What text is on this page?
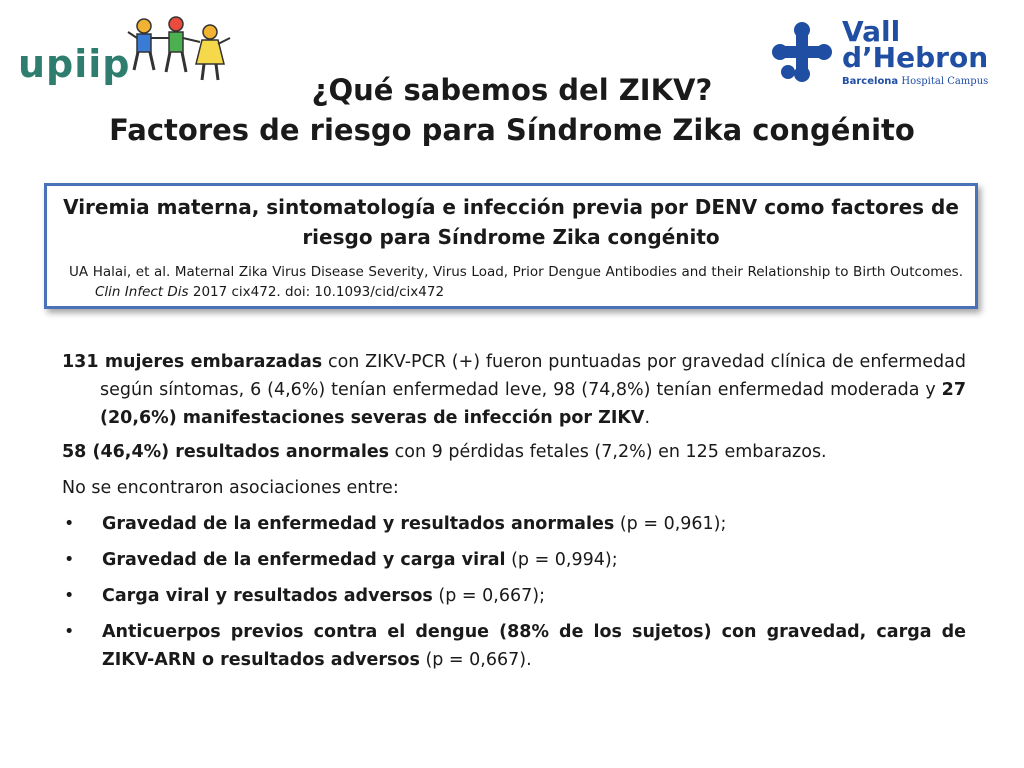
upiip
Vall
d’Hebron
Barcelona Hospital Campus
¿Qué sabemos del ZIKV?
Factores de riesgo para Síndrome Zika congénito
Viremia materna, sintomatología e infección previa por DENV como factores de riesgo para Síndrome Zika congénito
UA Halai, et al. Maternal Zika Virus Disease Severity, Virus Load, Prior Dengue Antibodies and their Relationship to Birth Outcomes. Clin Infect Dis 2017 cix472. doi: 10.1093/cid/cix472

131 mujeres embarazadas con ZIKV-PCR (+) fueron puntuadas por gravedad clínica de enfermedad según síntomas, 6 (4,6%) tenían enfermedad leve, 98 (74,8%) tenían enfermedad moderada y 27 (20,6%) manifestaciones severas de infección por ZIKV.

58 (46,4%) resultados anormales con 9 pérdidas fetales (7,2%) en 125 embarazos.

No se encontraron asociaciones entre:

• Gravedad de la enfermedad y resultados anormales (p = 0,961);
• Gravedad de la enfermedad y carga viral (p = 0,994);
• Carga viral y resultados adversos (p = 0,667);
• Anticuerpos previos contra el dengue (88% de los sujetos) con gravedad, carga de ZIKV-ARN o resultados adversos (p = 0,667).
